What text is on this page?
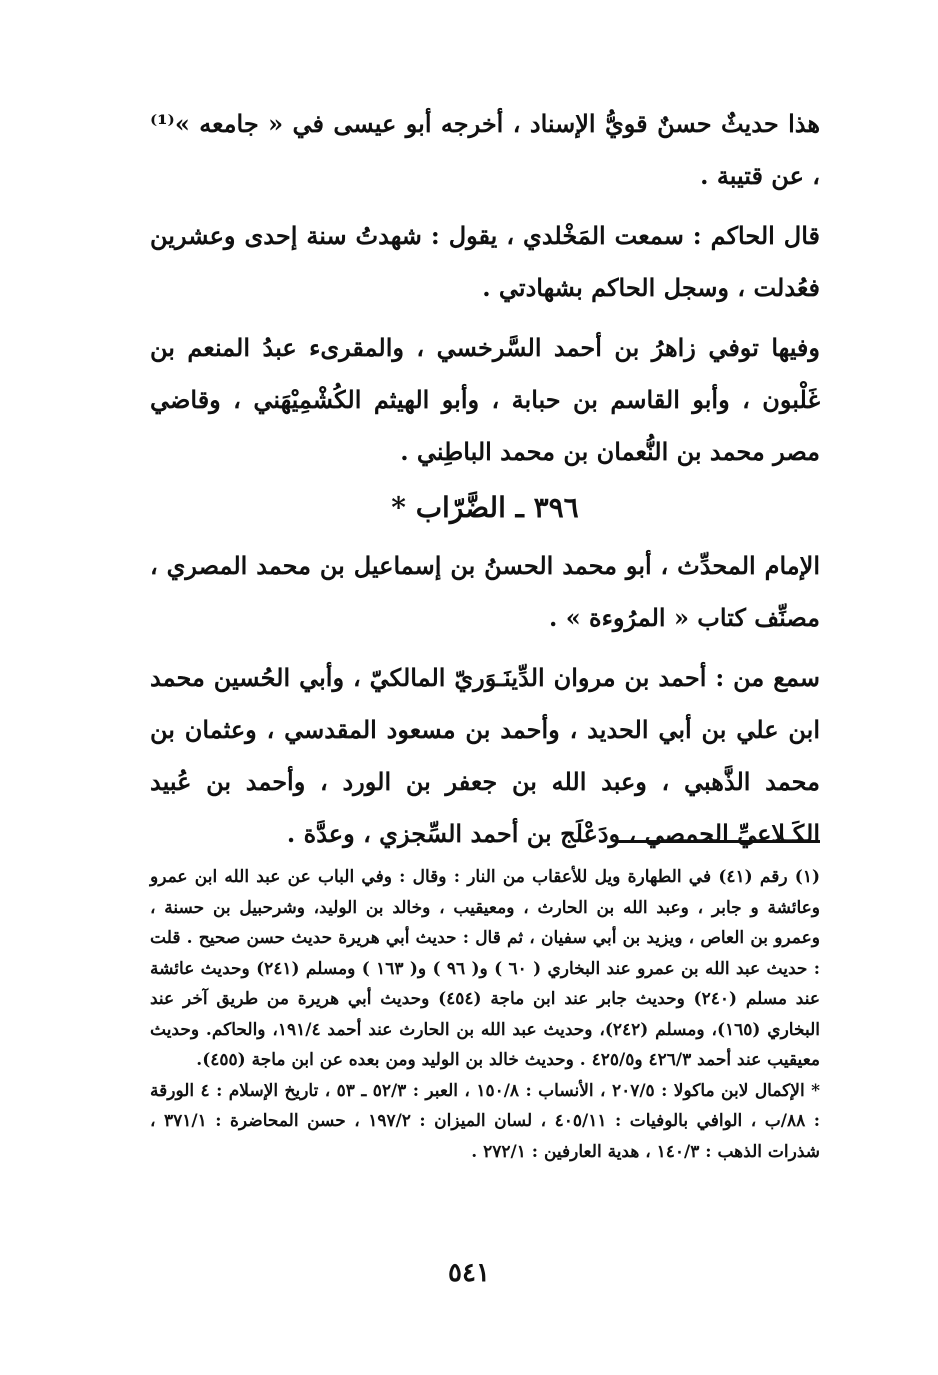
هذا حديثٌ حسنٌ قويُّ الإسناد ، أخرجه أبو عيسى في « جامعه »⁽¹⁾ ، عن قتيبة .

قال الحاكم : سمعت المَخْلدي ، يقول : شهدتُ سنة إحدى وعشرين فعُدلت ، وسجل الحاكم بشهادتي .

وفيها توفي زاهرُ بن أحمد السَّرخسي ، والمقرىء عبدُ المنعم بن غَلْبون ، وأبو القاسم بن حبابة ، وأبو الهيثم الكُشْمِيْهَني ، وقاضي مصر محمد بن النُّعمان بن محمد الباطِني .

٣٩٦ ـ الضَّرّاب *

الإمام المحدِّث ، أبو محمد الحسنُ بن إسماعيل بن محمد المصري ، مصنِّف كتاب « المرُوءة » .

سمع من : أحمد بن مروان الدِّينَـوَريّ المالكيّ ، وأبي الحُسين محمد ابن علي بن أبي الحديد ، وأحمد بن مسعود المقدسي ، وعثمان بن محمد الذَّهبي ، وعبد الله بن جعفر بن الورد ، وأحمد بن عُبيد الكَـلاعيِّ الحمصي ، ودَعْلَج بن أحمد السِّجزي ، وعدَّة .

(١) رقم (٤١) في الطهارة ويل للأعقاب من النار : وقال : وفي الباب عن عبد الله ابن عمرو وعائشة و جابر ، وعبد الله بن الحارث ، ومعيقيب ، وخالد بن الوليد، وشرحبيل بن حسنة ، وعمرو بن العاص ، ويزيد بن أبي سفيان ، ثم قال : حديث أبي هريرة حديث حسن صحيح . قلت : حديث عبد الله بن عمرو عند البخاري ( ٦٠ ) و( ٩٦ ) و( ١٦٣ ) ومسلم (٢٤١) وحديث عائشة عند مسلم (٢٤٠) وحديث جابر عند ابن ماجة (٤٥٤) وحديث أبي هريرة من طريق آخر عند البخاري (١٦٥)، ومسلم (٢٤٢)، وحديث عبد الله بن الحارث عند أحمد ١٩١/٤، والحاكم. وحديث معيقيب عند أحمد ٤٢٦/٣ و٤٢٥/٥ . وحديث خالد بن الوليد ومن بعده عن ابن ماجة (٤٥٥).

* الإكمال لابن ماكولا : ٢٠٧/٥ ، الأنساب : ١٥٠/٨ ، العبر : ٥٢/٣ ـ ٥٣ ، تاريخ الإسلام : ٤ الورقة : ٨٨/ب ، الوافي بالوفيات : ٤٠٥/١١ ، لسان الميزان : ١٩٧/٢ ، حسن المحاضرة : ٣٧١/١ ، شذرات الذهب : ١٤٠/٣ ، هدية العارفين : ٢٧٢/١ .

٥٤١
